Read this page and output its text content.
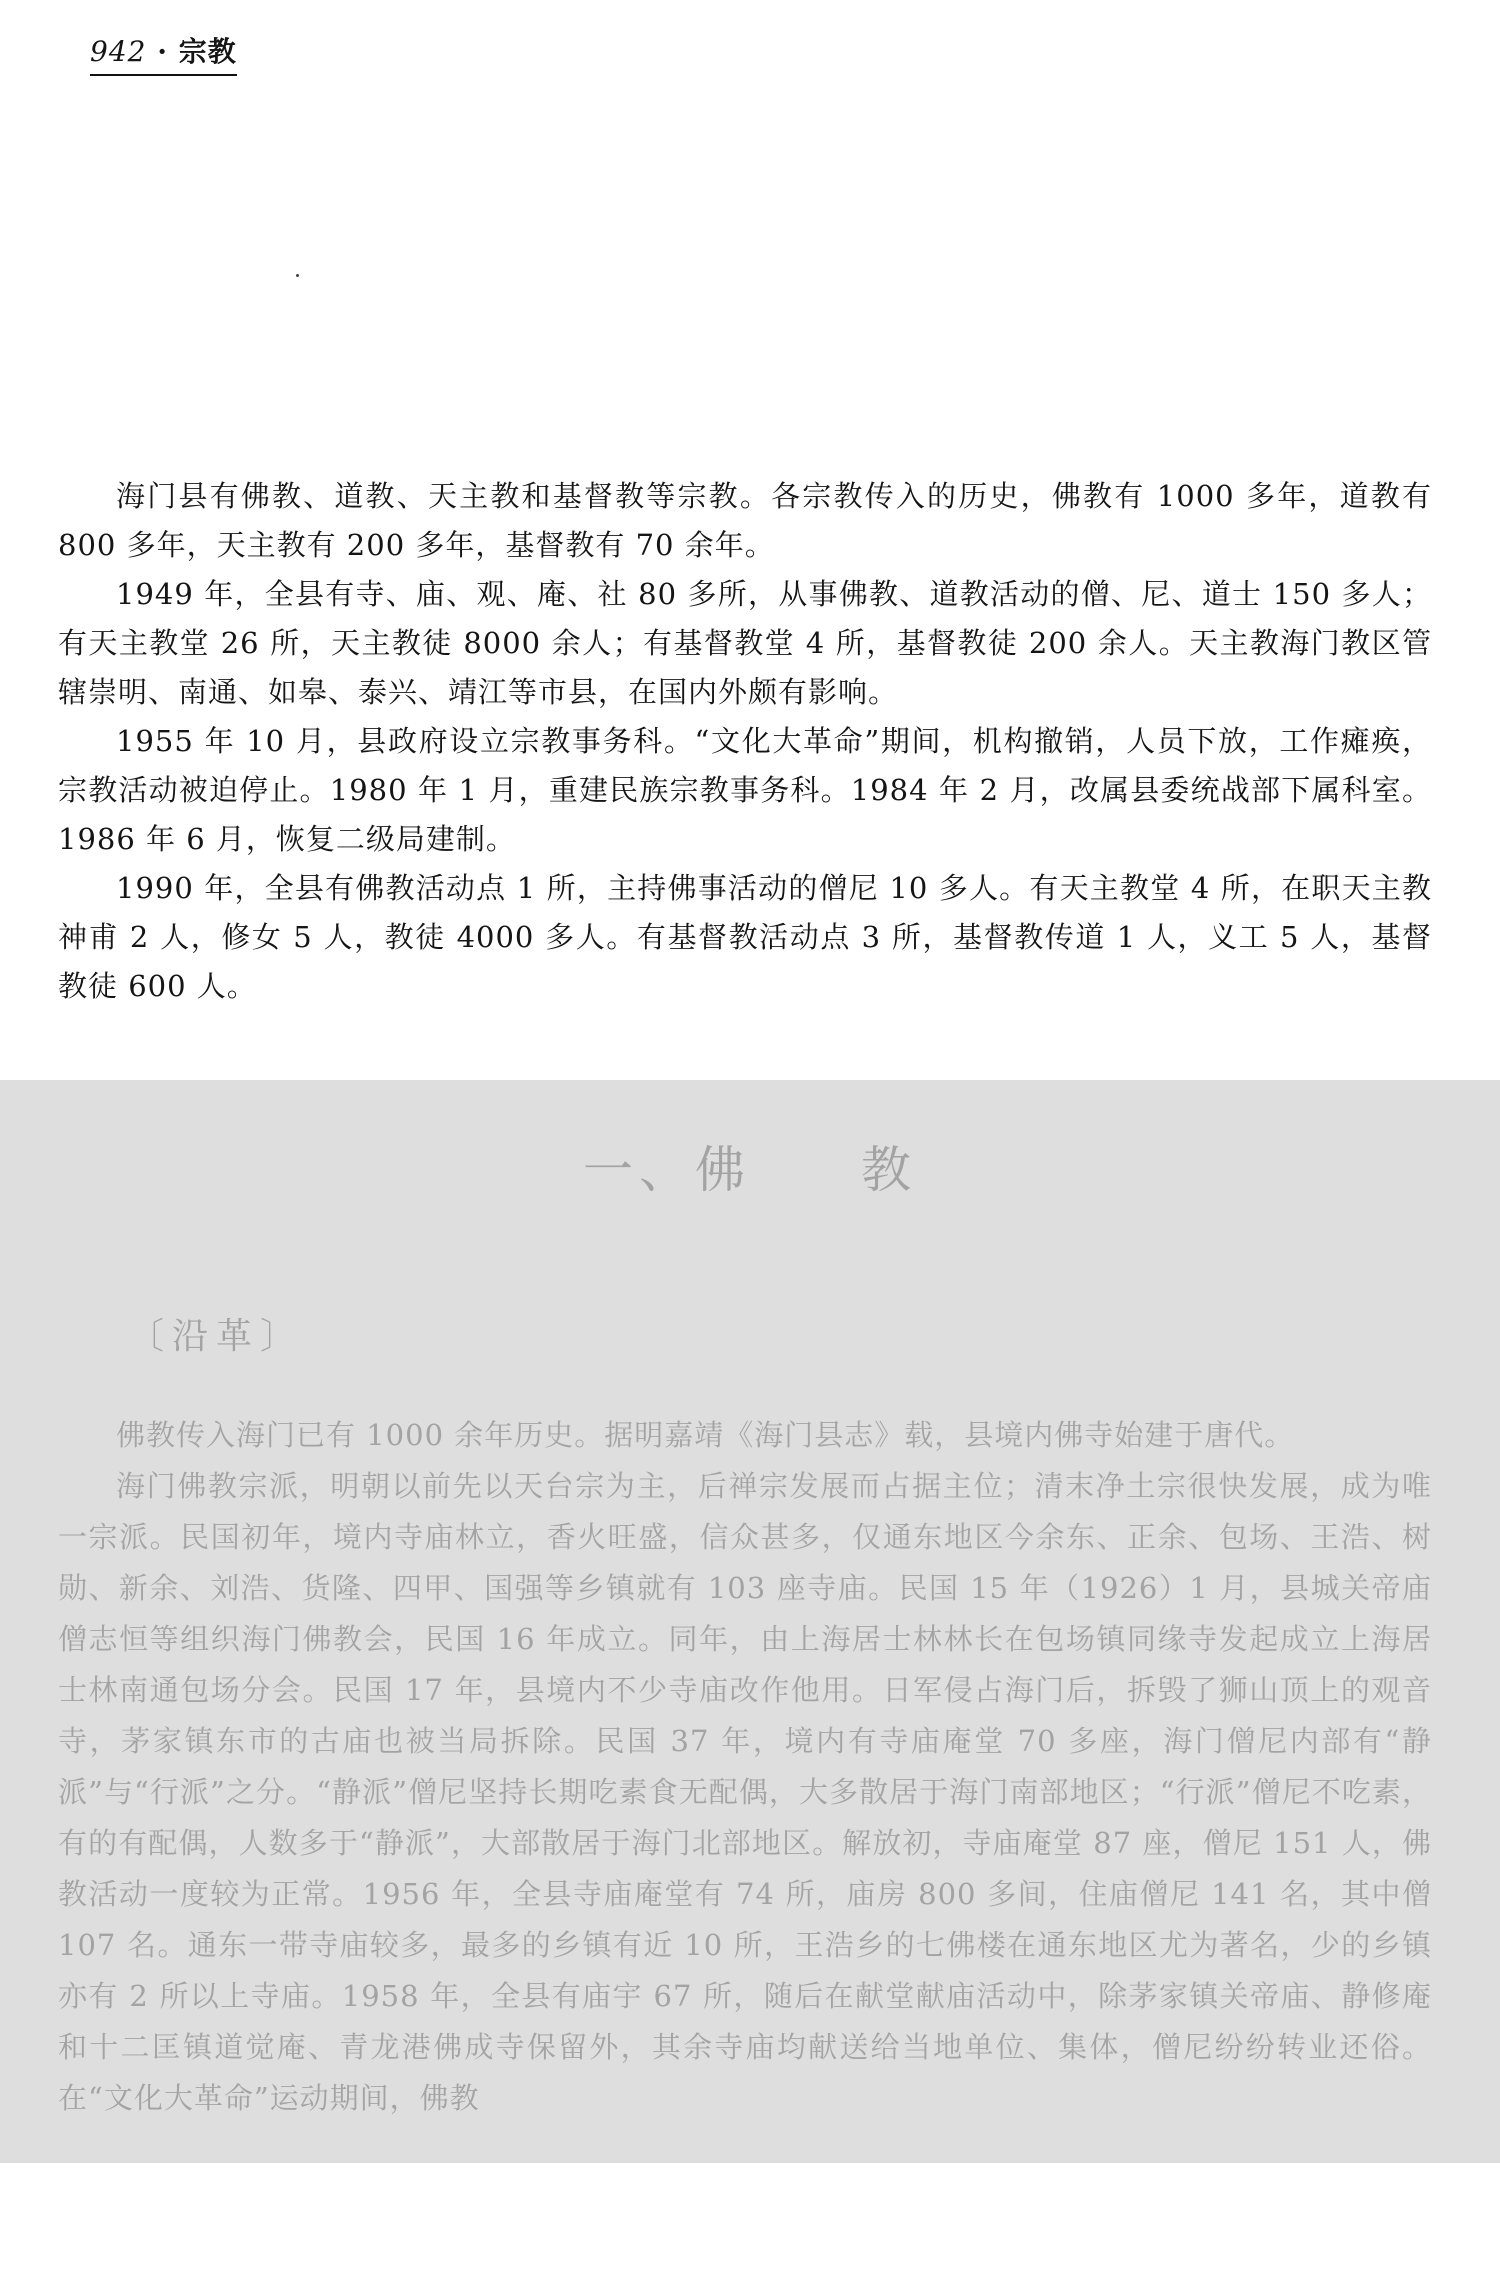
942 · 宗教

海门县有佛教、道教、天主教和基督教等宗教。各宗教传入的历史，佛教有 1000 多年，道教有 800 多年，天主教有 200 多年，基督教有 70 余年。

1949 年，全县有寺、庙、观、庵、社 80 多所，从事佛教、道教活动的僧、尼、道士 150 多人；有天主教堂 26 所，天主教徒 8000 余人；有基督教堂 4 所，基督教徒 200 余人。天主教海门教区管辖崇明、南通、如皋、泰兴、靖江等市县，在国内外颇有影响。

1955 年 10 月，县政府设立宗教事务科。“文化大革命”期间，机构撤销，人员下放，工作瘫痪，宗教活动被迫停止。1980 年 1 月，重建民族宗教事务科。1984 年 2 月，改属县委统战部下属科室。1986 年 6 月，恢复二级局建制。

1990 年，全县有佛教活动点 1 所，主持佛事活动的僧尼 10 多人。有天主教堂 4 所，在职天主教神甫 2 人，修女 5 人，教徒 4000 多人。有基督教活动点 3 所，基督教传道 1 人，义工 5 人，基督教徒 600 人。

一、佛 教
〔沿革〕

佛教传入海门已有 1000 余年历史。据明嘉靖《海门县志》载，县境内佛寺始建于唐代。

海门佛教宗派，明朝以前先以天台宗为主，后禅宗发展而占据主位；清末净土宗很快发展，成为唯一宗派。民国初年，境内寺庙林立，香火旺盛，信众甚多，仅通东地区今余东、正余、包场、王浩、树勋、新余、刘浩、货隆、四甲、国强等乡镇就有 103 座寺庙。民国 15 年（1926）1 月，县城关帝庙僧志恒等组织海门佛教会，民国 16 年成立。同年，由上海居士林林长在包场镇同缘寺发起成立上海居士林南通包场分会。民国 17 年，县境内不少寺庙改作他用。日军侵占海门后，拆毁了狮山顶上的观音寺，茅家镇东市的古庙也被当局拆除。民国 37 年，境内有寺庙庵堂 70 多座，海门僧尼内部有“静派”与“行派”之分。“静派”僧尼坚持长期吃素食无配偶，大多散居于海门南部地区；“行派”僧尼不吃素，有的有配偶，人数多于“静派”，大部散居于海门北部地区。解放初，寺庙庵堂 87 座，僧尼 151 人，佛教活动一度较为正常。1956 年，全县寺庙庵堂有 74 所，庙房 800 多间，住庙僧尼 141 名，其中僧 107 名。通东一带寺庙较多，最多的乡镇有近 10 所，王浩乡的七佛楼在通东地区尤为著名，少的乡镇亦有 2 所以上寺庙。1958 年，全县有庙宇 67 所，随后在献堂献庙活动中，除茅家镇关帝庙、静修庵和十二匡镇道觉庵、青龙港佛成寺保留外，其余寺庙均献送给当地单位、集体，僧尼纷纷转业还俗。在“文化大革命”运动期间，佛教
